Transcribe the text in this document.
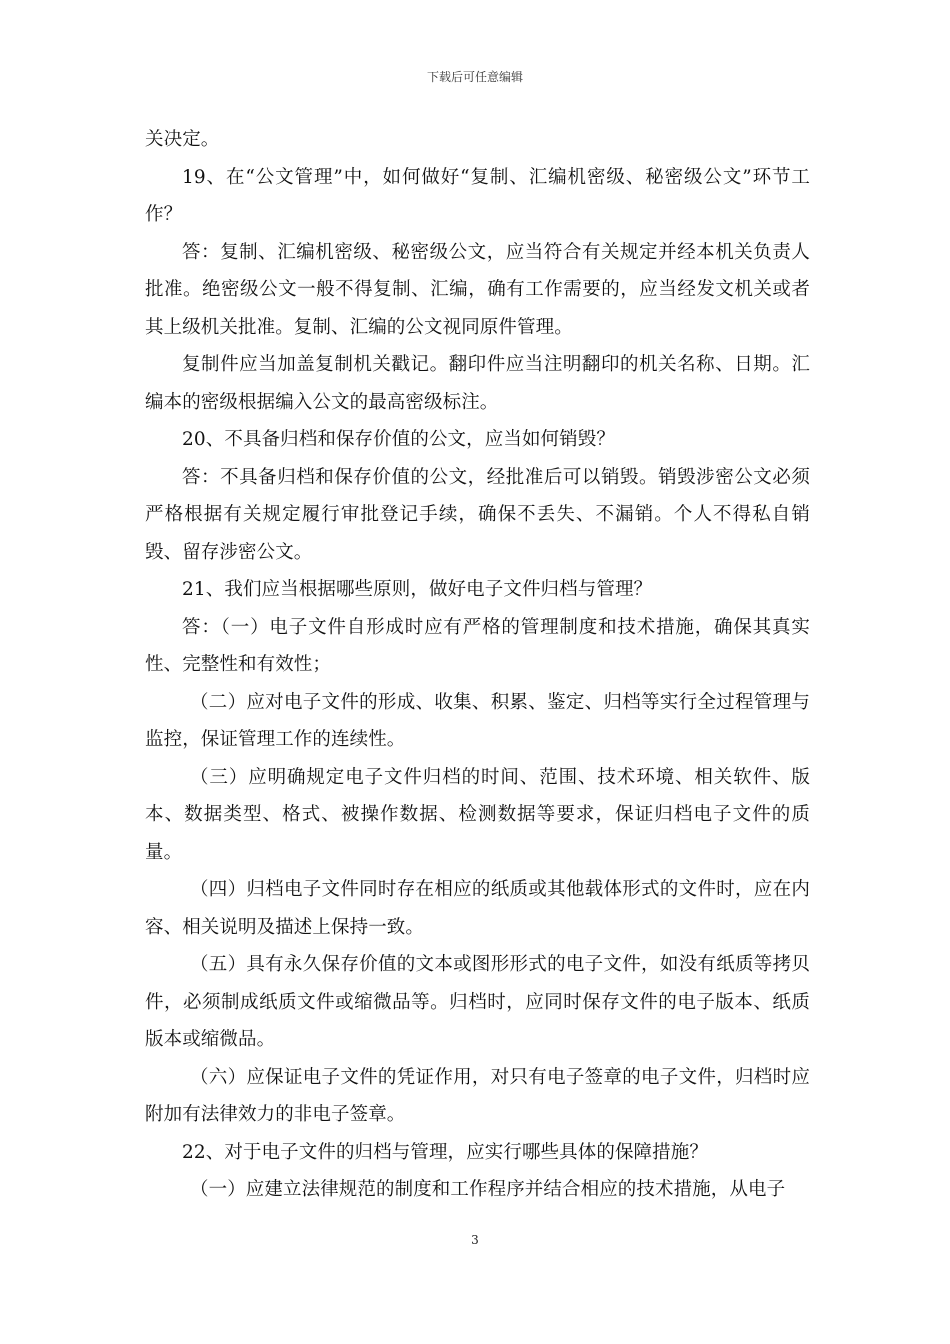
下载后可任意编辑

关决定。

19、在“公文管理”中，如何做好“复制、汇编机密级、秘密级公文”环节工作？

答：复制、汇编机密级、秘密级公文，应当符合有关规定并经本机关负责人批准。绝密级公文一般不得复制、汇编，确有工作需要的，应当经发文机关或者其上级机关批准。复制、汇编的公文视同原件管理。

复制件应当加盖复制机关戳记。翻印件应当注明翻印的机关名称、日期。汇编本的密级根据编入公文的最高密级标注。

20、不具备归档和保存价值的公文，应当如何销毁？

答：不具备归档和保存价值的公文，经批准后可以销毁。销毁涉密公文必须严格根据有关规定履行审批登记手续，确保不丢失、不漏销。个人不得私自销毁、留存涉密公文。

21、我们应当根据哪些原则，做好电子文件归档与管理？

答：（一）电子文件自形成时应有严格的管理制度和技术措施，确保其真实性、完整性和有效性；

（二）应对电子文件的形成、收集、积累、鉴定、归档等实行全过程管理与监控，保证管理工作的连续性。

（三）应明确规定电子文件归档的时间、范围、技术环境、相关软件、版本、数据类型、格式、被操作数据、检测数据等要求，保证归档电子文件的质量。

（四）归档电子文件同时存在相应的纸质或其他载体形式的文件时，应在内容、相关说明及描述上保持一致。

（五）具有永久保存价值的文本或图形形式的电子文件，如没有纸质等拷贝件，必须制成纸质文件或缩微品等。归档时，应同时保存文件的电子版本、纸质版本或缩微品。

（六）应保证电子文件的凭证作用，对只有电子签章的电子文件，归档时应附加有法律效力的非电子签章。

22、对于电子文件的归档与管理，应实行哪些具体的保障措施？

（一）应建立法律规范的制度和工作程序并结合相应的技术措施，从电子

3
